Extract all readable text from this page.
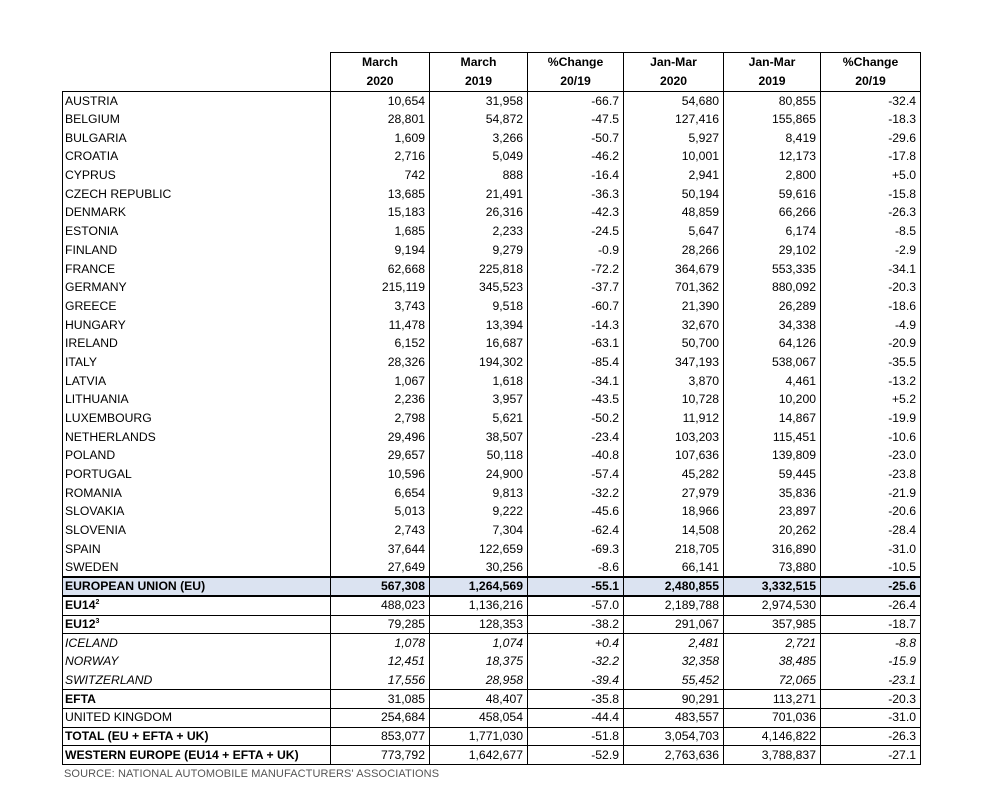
	March	March	%Change	Jan-Mar	Jan-Mar	%Change
	2020	2019	20/19	2020	2019	20/19
AUSTRIA	10,654	31,958	-66.7	54,680	80,855	-32.4
BELGIUM	28,801	54,872	-47.5	127,416	155,865	-18.3
BULGARIA	1,609	3,266	-50.7	5,927	8,419	-29.6
CROATIA	2,716	5,049	-46.2	10,001	12,173	-17.8
CYPRUS	742	888	-16.4	2,941	2,800	+5.0
CZECH REPUBLIC	13,685	21,491	-36.3	50,194	59,616	-15.8
DENMARK	15,183	26,316	-42.3	48,859	66,266	-26.3
ESTONIA	1,685	2,233	-24.5	5,647	6,174	-8.5
FINLAND	9,194	9,279	-0.9	28,266	29,102	-2.9
FRANCE	62,668	225,818	-72.2	364,679	553,335	-34.1
GERMANY	215,119	345,523	-37.7	701,362	880,092	-20.3
GREECE	3,743	9,518	-60.7	21,390	26,289	-18.6
HUNGARY	11,478	13,394	-14.3	32,670	34,338	-4.9
IRELAND	6,152	16,687	-63.1	50,700	64,126	-20.9
ITALY	28,326	194,302	-85.4	347,193	538,067	-35.5
LATVIA	1,067	1,618	-34.1	3,870	4,461	-13.2
LITHUANIA	2,236	3,957	-43.5	10,728	10,200	+5.2
LUXEMBOURG	2,798	5,621	-50.2	11,912	14,867	-19.9
NETHERLANDS	29,496	38,507	-23.4	103,203	115,451	-10.6
POLAND	29,657	50,118	-40.8	107,636	139,809	-23.0
PORTUGAL	10,596	24,900	-57.4	45,282	59,445	-23.8
ROMANIA	6,654	9,813	-32.2	27,979	35,836	-21.9
SLOVAKIA	5,013	9,222	-45.6	18,966	23,897	-20.6
SLOVENIA	2,743	7,304	-62.4	14,508	20,262	-28.4
SPAIN	37,644	122,659	-69.3	218,705	316,890	-31.0
SWEDEN	27,649	30,256	-8.6	66,141	73,880	-10.5
EUROPEAN UNION (EU)	567,308	1,264,569	-55.1	2,480,855	3,332,515	-25.6
$EU14^2$	488,023	1,136,216	-57.0	2,189,788	2,974,530	-26.4
$EU12^3$	79,285	128,353	-38.2	291,067	357,985	-18.7
ICELAND	1,078	1,074	+0.4	2,481	2,721	-8.8
NORWAY	12,451	18,375	-32.2	32,358	38,485	-15.9
SWITZERLAND	17,556	28,958	-39.4	55,452	72,065	-23.1
EFTA	31,085	48,407	-35.8	90,291	113,271	-20.3
UNITED KINGDOM	254,684	458,054	-44.4	483,557	701,036	-31.0
TOTAL (EU + EFTA + UK)	853,077	1,771,030	-51.8	3,054,703	4,146,822	-26.3
WESTERN EUROPE (EU14 + EFTA + UK)	773,792	1,642,677	-52.9	2,763,636	3,788,837	-27.1
SOURCE: NATIONAL AUTOMOBILE MANUFACTURERS' ASSOCIATIONS
